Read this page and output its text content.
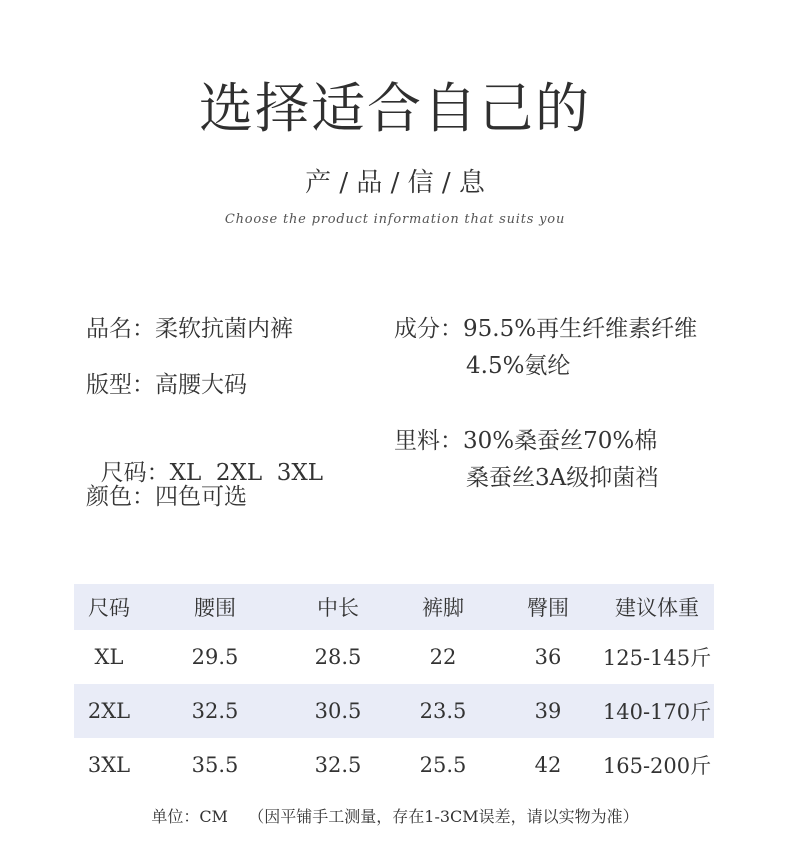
选择适合自己的
产 / 品 / 信 / 息
Choose the product information that suits you
品名：柔软抗菌内裤
版型：高腰大码

尺码：XL  2XL  3XL

颜色：四色可选
成分：95.5%再生纤维素纤维
4.5%氨纶
里料：30%桑蚕丝70%棉
桑蚕丝3A级抑菌裆
尺码	腰围	中长	裤脚	臀围	建议体重
XL	29.5	28.5	22	36	125-145斤
2XL	32.5	30.5	23.5	39	140-170斤
3XL	35.5	32.5	25.5	42	165-200斤
单位：CM    （因平铺手工测量，存在1-3CM误差，请以实物为准）
